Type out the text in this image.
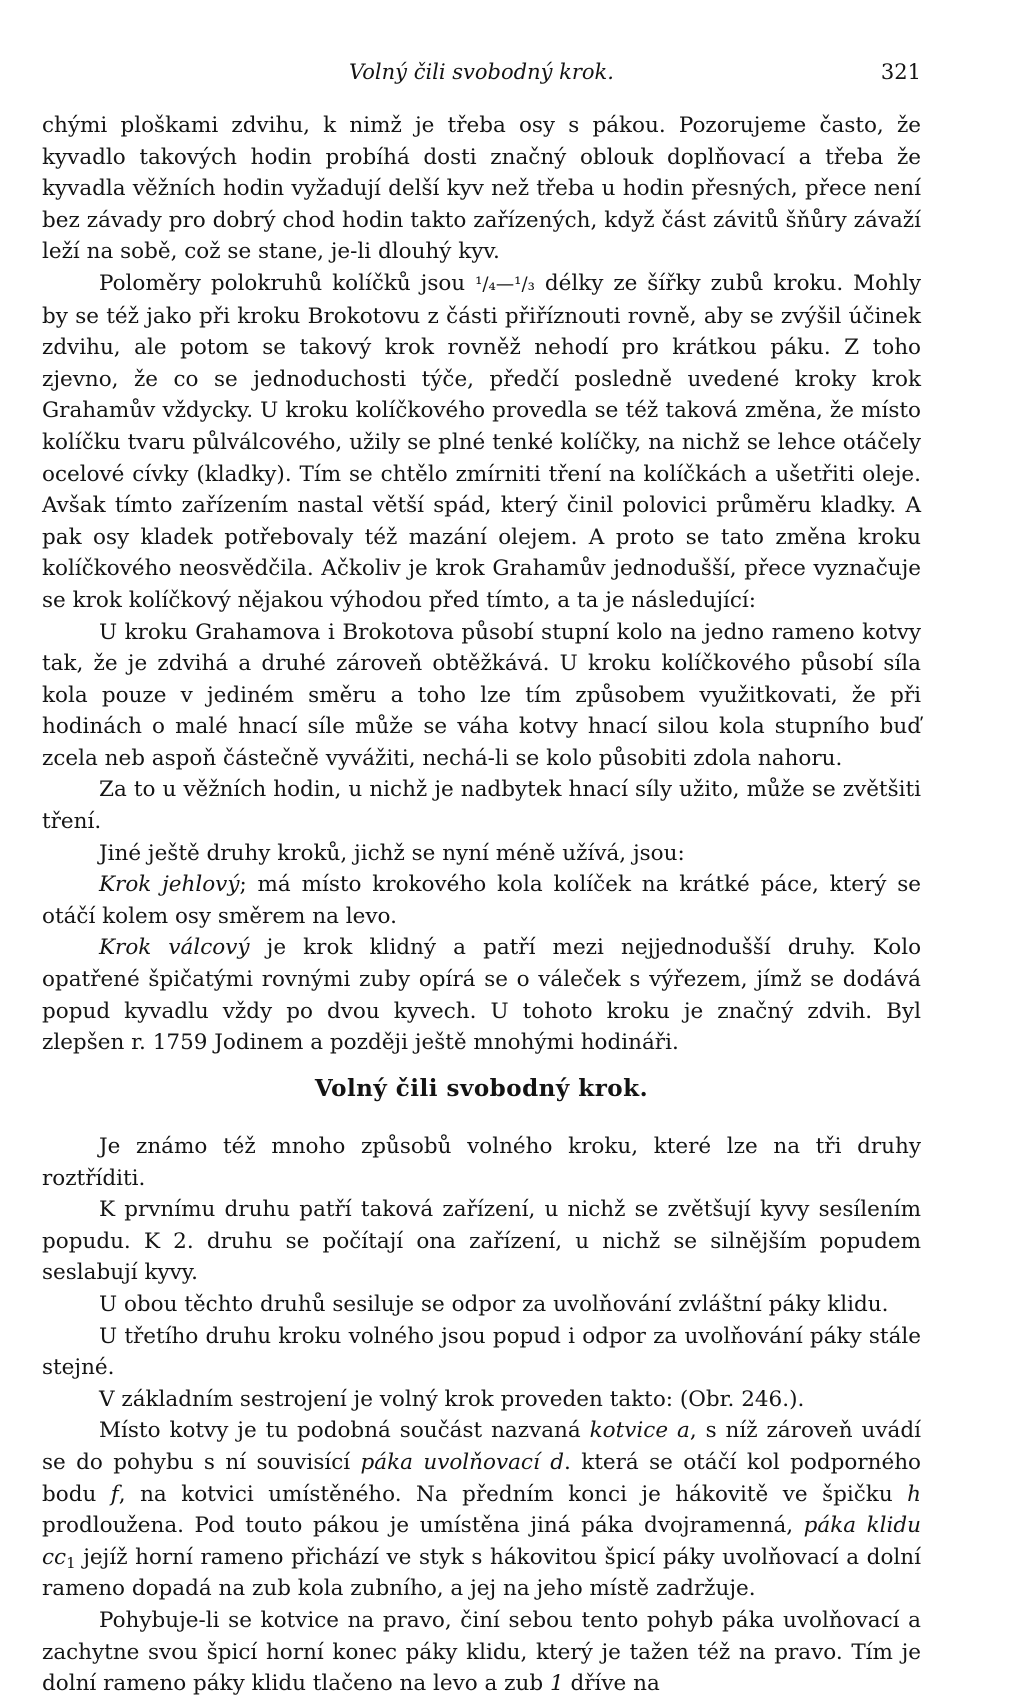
Volný čili svobodný krok.	321

chými ploškami zdvihu, k nimž je třeba osy s pákou. Pozorujeme často, že kyvadlo takových hodin probíhá dosti značný oblouk doplňovací a třeba že kyvadla věžních hodin vyžadují delší kyv než třeba u hodin přesných, přece není bez závady pro dobrý chod hodin takto zařízených, když část závitů šňůry závaží leží na sobě, což se stane, je-li dlouhý kyv.

Poloměry polokruhů kolíčků jsou ¹/₄—¹/₃ délky ze šířky zubů kroku. Mohly by se též jako při kroku Brokotovu z části přiříznouti rovně, aby se zvýšil účinek zdvihu, ale potom se takový krok rovněž nehodí pro krátkou páku. Z toho zjevno, že co se jednoduchosti týče, předčí posledně uvedené kroky krok Grahamův vždycky. U kroku kolíčkového provedla se též taková změna, že místo kolíčku tvaru půlválcového, užily se plné tenké kolíčky, na nichž se lehce otáčely ocelové cívky (kladky). Tím se chtělo zmírniti tření na kolíčkách a ušetřiti oleje. Avšak tímto zařízením nastal větší spád, který činil polovici průměru kladky. A pak osy kladek potřebovaly též mazání olejem. A proto se tato změna kroku kolíčkového neosvědčila. Ačkoliv je krok Grahamův jednodušší, přece vyznačuje se krok kolíčkový nějakou výhodou před tímto, a ta je následující:

U kroku Grahamova i Brokotova působí stupní kolo na jedno rameno kotvy tak, že je zdvihá a druhé zároveň obtěžkává. U kroku kolíčkového působí síla kola pouze v jediném směru a toho lze tím způsobem využitkovati, že při hodinách o malé hnací síle může se váha kotvy hnací silou kola stupního buď zcela neb aspoň částečně vyvážiti, nechá-li se kolo působiti zdola nahoru.

Za to u věžních hodin, u nichž je nadbytek hnací síly užito, může se zvětšiti tření.

Jiné ještě druhy kroků, jichž se nyní méně užívá, jsou:

Krok jehlový; má místo krokového kola kolíček na krátké páce, který se otáčí kolem osy směrem na levo.

Krok válcový je krok klidný a patří mezi nejjednodušší druhy. Kolo opatřené špičatými rovnými zuby opírá se o váleček s výřezem, jímž se dodává popud kyvadlu vždy po dvou kyvech. U tohoto kroku je značný zdvih. Byl zlepšen r. 1759 Jodinem a později ještě mnohými hodináři.

Volný čili svobodný krok.

Je známo též mnoho způsobů volného kroku, které lze na tři druhy roztříditi.

K prvnímu druhu patří taková zařízení, u nichž se zvětšují kyvy sesílením popudu. K 2. druhu se počítají ona zařízení, u nichž se silnějším popudem seslabují kyvy.

U obou těchto druhů sesiluje se odpor za uvolňování zvláštní páky klidu.

U třetího druhu kroku volného jsou popud i odpor za uvolňování páky stále stejné.

V základním sestrojení je volný krok proveden takto: (Obr. 246.).

Místo kotvy je tu podobná součást nazvaná kotvice a, s níž zároveň uvádí se do pohybu s ní souvisící páka uvolňovací d. která se otáčí kol podporného bodu f, na kotvici umístěného. Na předním konci je hákovitě ve špičku h prodloužena. Pod touto pákou je umístěna jiná páka dvojramenná, páka klidu $cc_1$ jejíž horní rameno přichází ve styk s hákovitou špicí páky uvolňovací a dolní rameno dopadá na zub kola zubního, a jej na jeho místě zadržuje.

Pohybuje-li se kotvice na pravo, činí sebou tento pohyb páka uvolňovací a zachytne svou špicí horní konec páky klidu, který je tažen též na pravo. Tím je dolní rameno páky klidu tlačeno na levo a zub 1 dříve na
